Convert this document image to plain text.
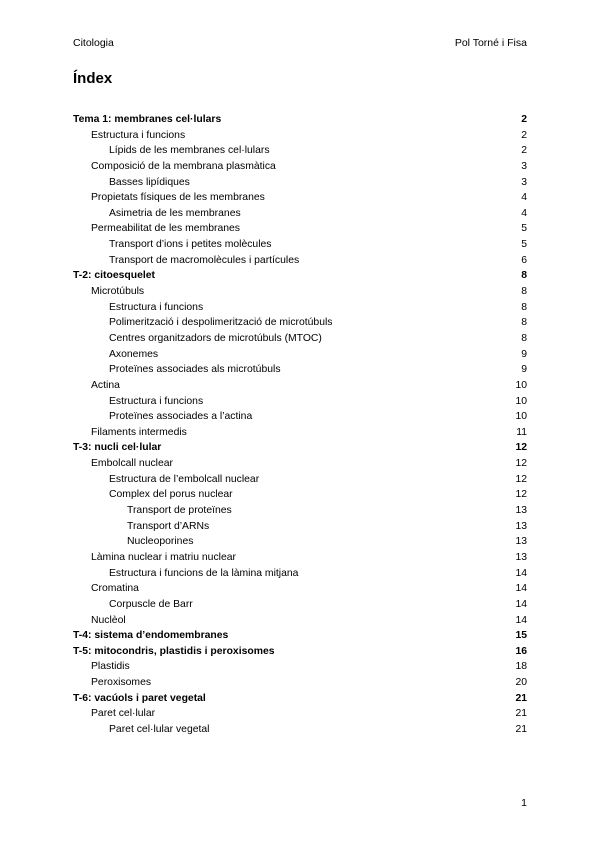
Citologia	Pol Torné i Fisa
Índex
Tema 1: membranes cel·lulars	2
Estructura i funcions	2
Lípids de les membranes cel·lulars	2
Composició de la membrana plasmàtica	3
Basses lipídiques	3
Propietats físiques de les membranes	4
Asimetria de les membranes	4
Permeabilitat de les membranes	5
Transport d’ions i petites molècules	5
Transport de macromolècules i partícules	6
T-2: citoesquelet	8
Microtúbuls	8
Estructura i funcions	8
Polimerització i despolimerització de microtúbuls	8
Centres organitzadors de microtúbuls (MTOC)	8
Axonemes	9
Proteïnes associades als microtúbuls	9
Actina	10
Estructura i funcions	10
Proteïnes associades a l’actina	10
Filaments intermedis	11
T-3: nucli cel·lular	12
Embolcall nuclear	12
Estructura de l’embolcall nuclear	12
Complex del porus nuclear	12
Transport de proteïnes	13
Transport d’ARNs	13
Nucleoporines	13
Làmina nuclear i matriu nuclear	13
Estructura i funcions de la làmina mitjana	14
Cromatina	14
Corpuscle de Barr	14
Nuclèol	14
T-4: sistema d’endomembranes	15
T-5: mitocondris, plastidis i peroxisomes	16
Plastidis	18
Peroxisomes	20
T-6: vacúols i paret vegetal	21
Paret cel·lular	21
Paret cel·lular vegetal	21
1
